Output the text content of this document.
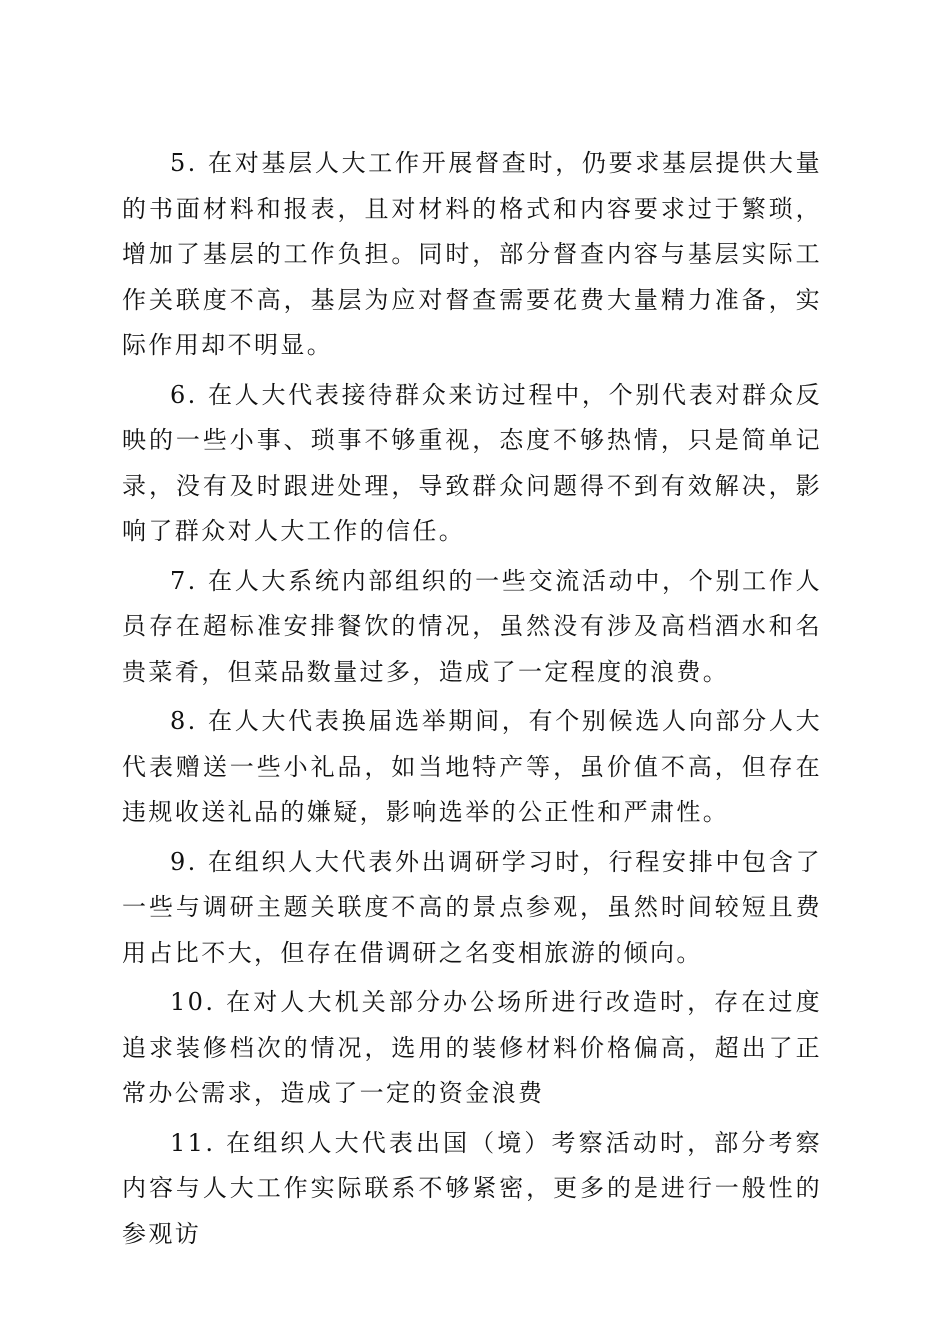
5. 在对基层人大工作开展督查时，仍要求基层提供大量的书面材料和报表，且对材料的格式和内容要求过于繁琐，增加了基层的工作负担。同时，部分督查内容与基层实际工作关联度不高，基层为应对督查需要花费大量精力准备，实际作用却不明显。

6. 在人大代表接待群众来访过程中，个别代表对群众反映的一些小事、琐事不够重视，态度不够热情，只是简单记录，没有及时跟进处理，导致群众问题得不到有效解决，影响了群众对人大工作的信任。

7. 在人大系统内部组织的一些交流活动中，个别工作人员存在超标准安排餐饮的情况，虽然没有涉及高档酒水和名贵菜肴，但菜品数量过多，造成了一定程度的浪费。

8. 在人大代表换届选举期间，有个别候选人向部分人大代表赠送一些小礼品，如当地特产等，虽价值不高，但存在违规收送礼品的嫌疑，影响选举的公正性和严肃性。

9. 在组织人大代表外出调研学习时，行程安排中包含了一些与调研主题关联度不高的景点参观，虽然时间较短且费用占比不大，但存在借调研之名变相旅游的倾向。

10. 在对人大机关部分办公场所进行改造时，存在过度追求装修档次的情况，选用的装修材料价格偏高，超出了正常办公需求，造成了一定的资金浪费

11. 在组织人大代表出国（境）考察活动时，部分考察内容与人大工作实际联系不够紧密，更多的是进行一般性的参观访
